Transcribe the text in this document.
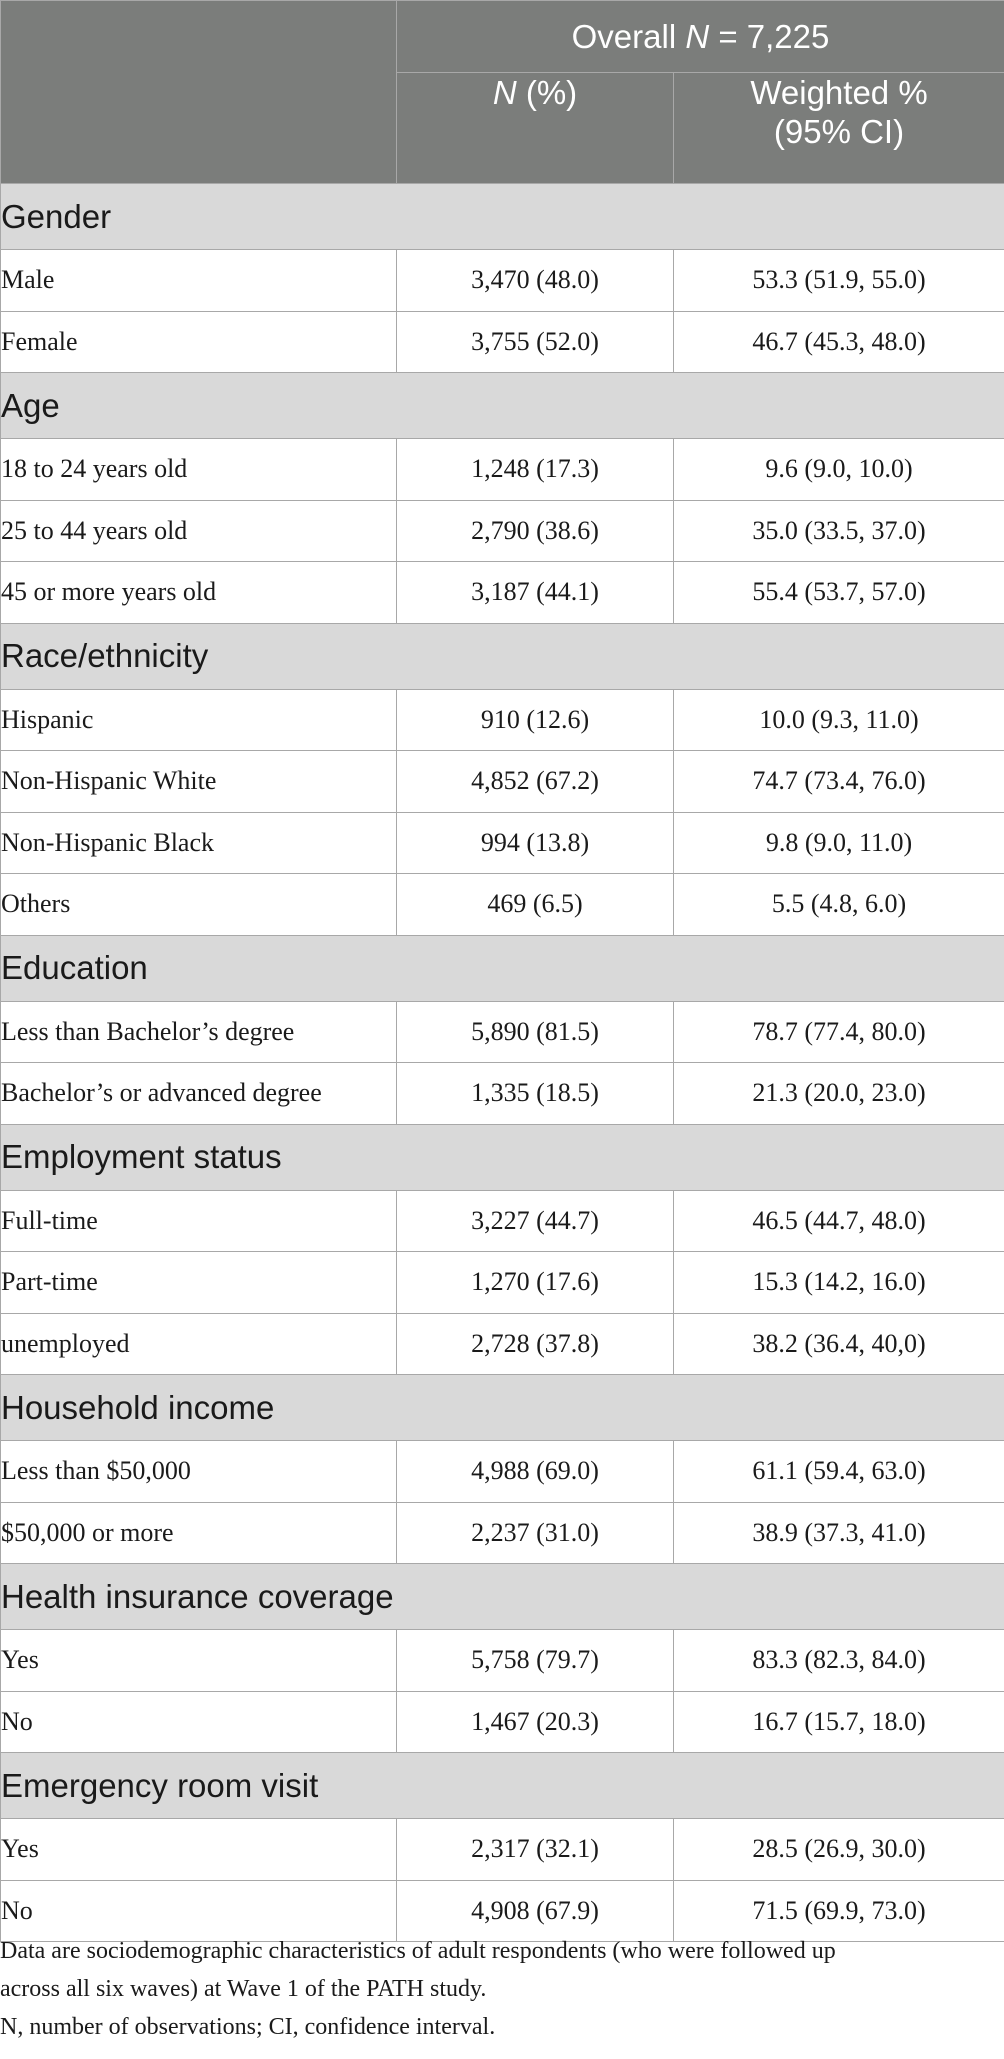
	Overall N = 7,225	
	N (%)	Weighted %
(95% CI)
Gender		
Male	3,470 (48.0)	53.3 (51.9, 55.0)
Female	3,755 (52.0)	46.7 (45.3, 48.0)
Age		
18 to 24 years old	1,248 (17.3)	9.6 (9.0, 10.0)
25 to 44 years old	2,790 (38.6)	35.0 (33.5, 37.0)
45 or more years old	3,187 (44.1)	55.4 (53.7, 57.0)
Race/ethnicity		
Hispanic	910 (12.6)	10.0 (9.3, 11.0)
Non-Hispanic White	4,852 (67.2)	74.7 (73.4, 76.0)
Non-Hispanic Black	994 (13.8)	9.8 (9.0, 11.0)
Others	469 (6.5)	5.5 (4.8, 6.0)
Education		
Less than Bachelor’s degree	5,890 (81.5)	78.7 (77.4, 80.0)
Bachelor’s or advanced degree	1,335 (18.5)	21.3 (20.0, 23.0)
Employment status		
Full-time	3,227 (44.7)	46.5 (44.7, 48.0)
Part-time	1,270 (17.6)	15.3 (14.2, 16.0)
unemployed	2,728 (37.8)	38.2 (36.4, 40,0)
Household income		
Less than $50,000	4,988 (69.0)	61.1 (59.4, 63.0)
$50,000 or more	2,237 (31.0)	38.9 (37.3, 41.0)
Health insurance coverage		
Yes	5,758 (79.7)	83.3 (82.3, 84.0)
No	1,467 (20.3)	16.7 (15.7, 18.0)
Emergency room visit		
Yes	2,317 (32.1)	28.5 (26.9, 30.0)
No	4,908 (67.9)	71.5 (69.9, 73.0)
Data are sociodemographic characteristics of adult respondents (who were followed up
across all six waves) at Wave 1 of the PATH study.
N, number of observations; CI, confidence interval.
